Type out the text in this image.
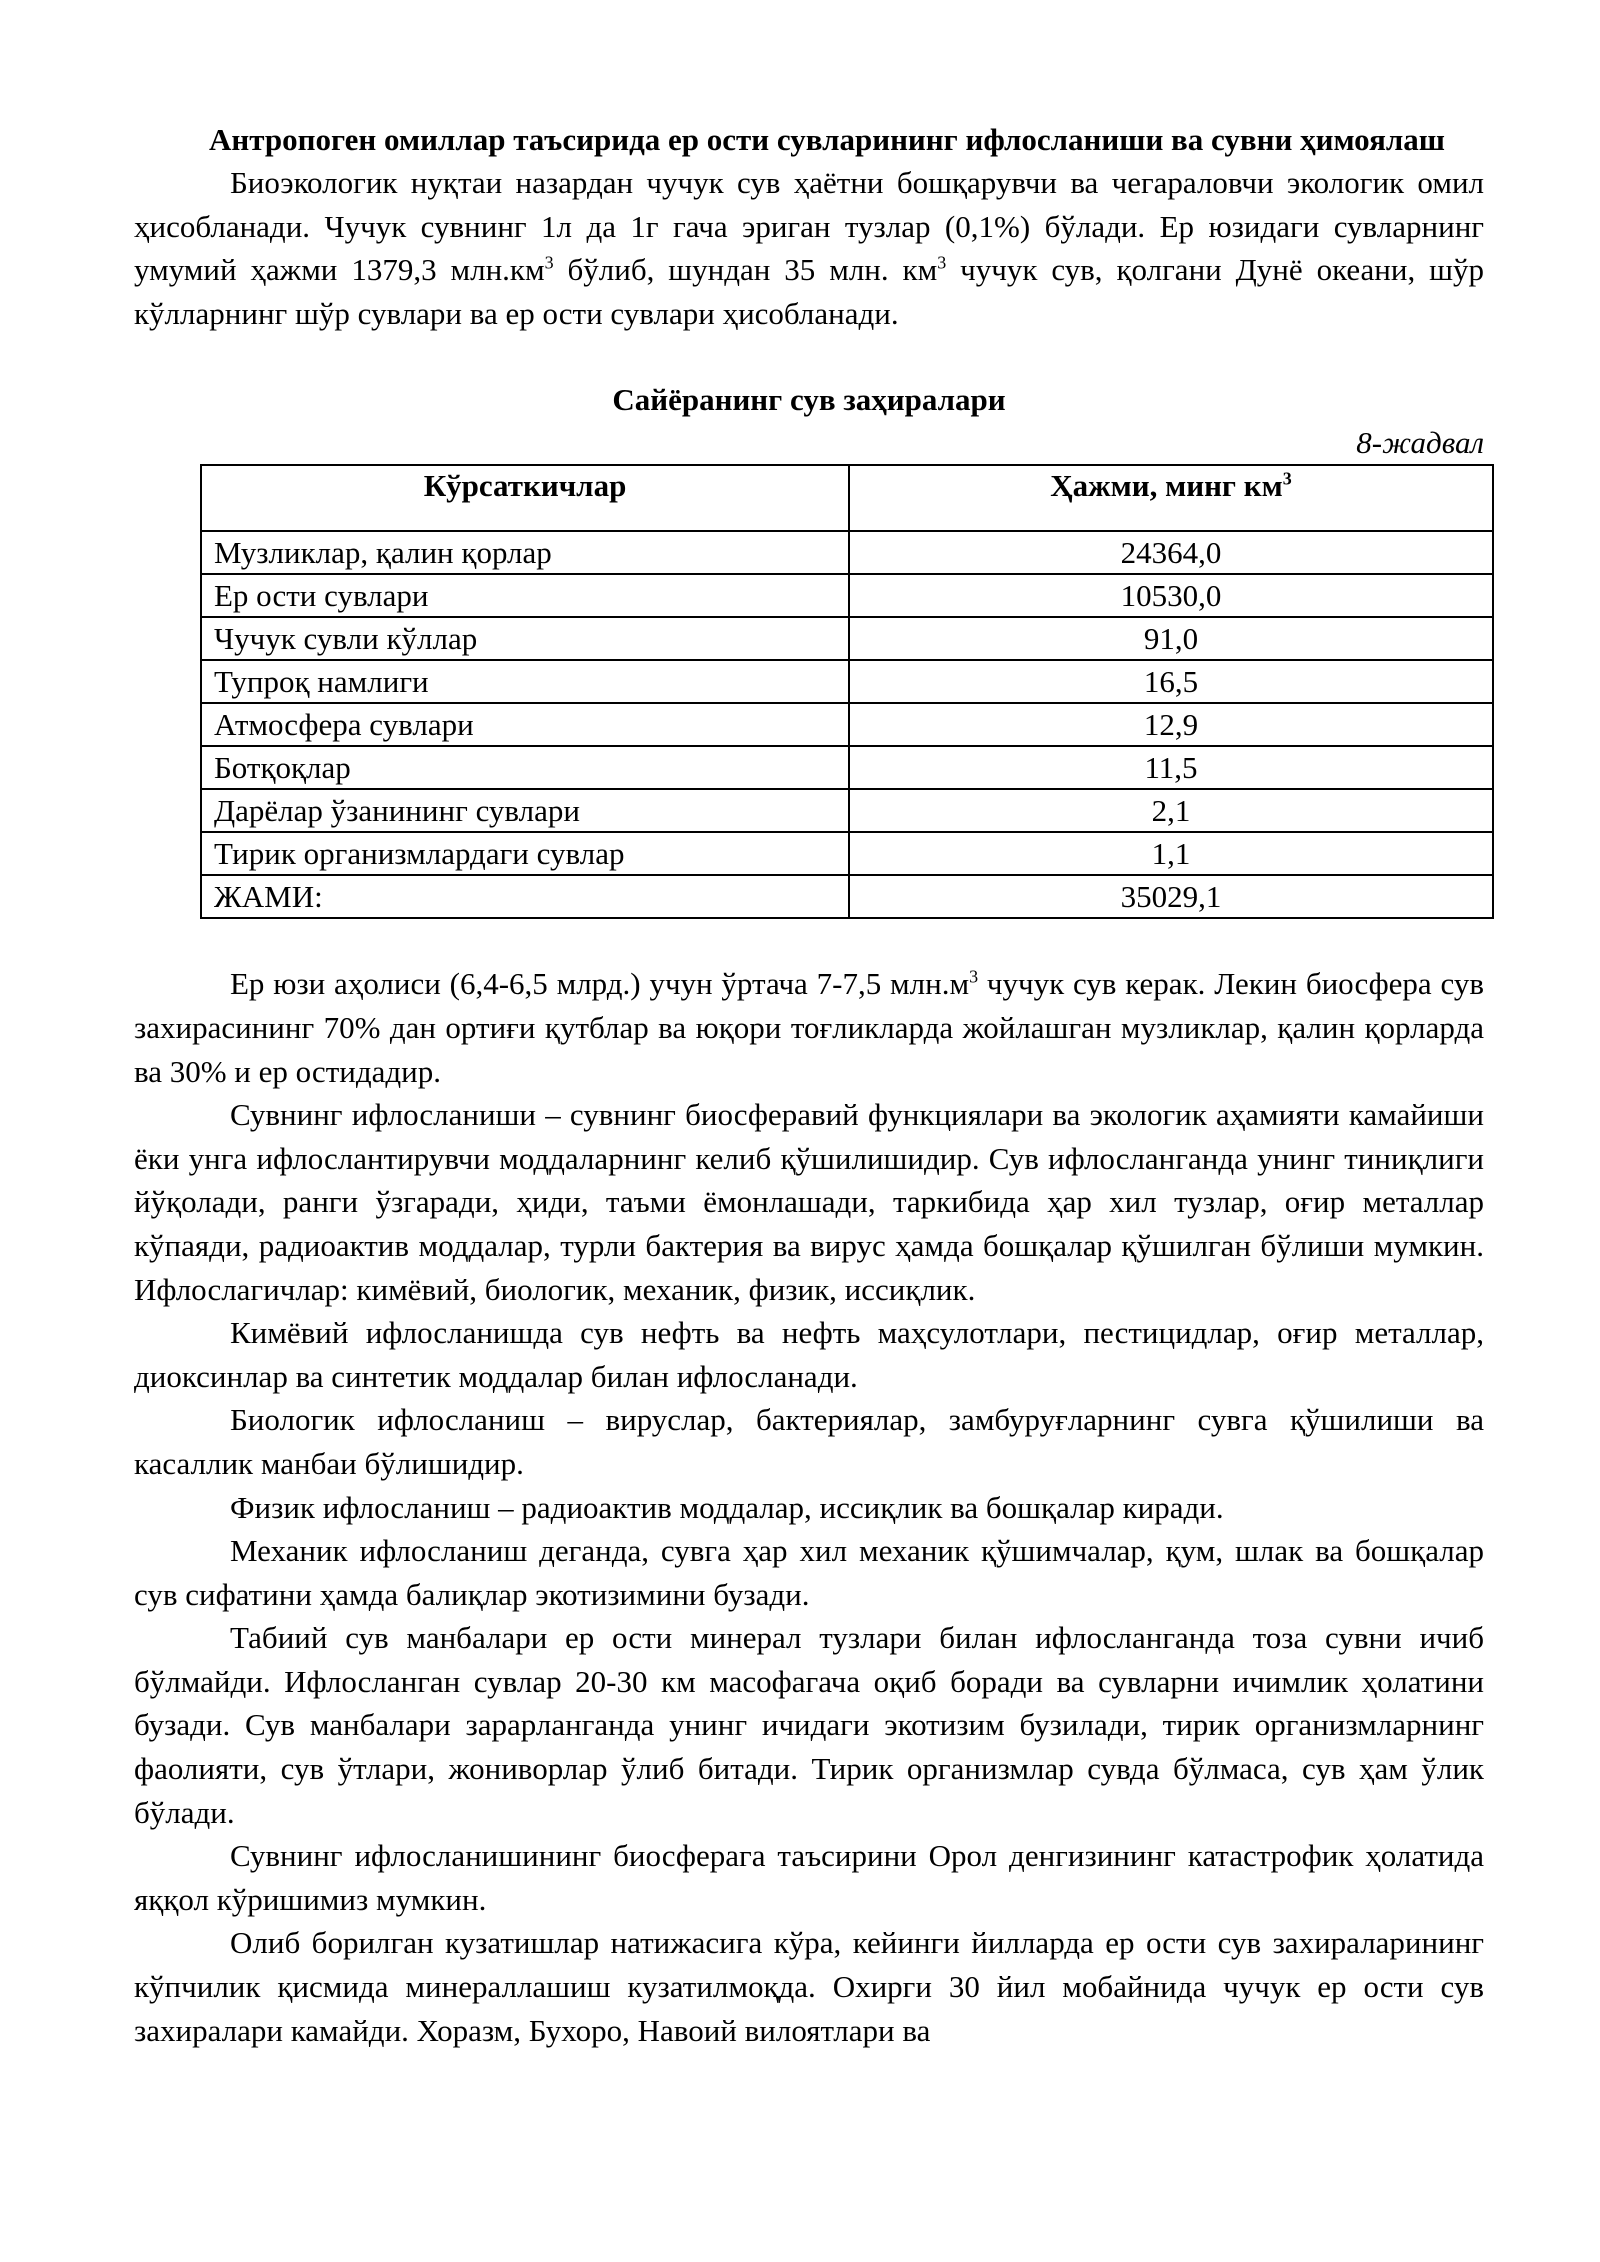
Антропоген омиллар таъсирида ер ости сувларининг ифлосланиши ва сувни ҳимоялаш

Биоэкологик нуқтаи назардан чучук сув ҳаётни бошқарувчи ва чегараловчи экологик омил ҳисобланади. Чучук сувнинг 1л да 1г гача эриган тузлар (0,1%) бўлади. Ер юзидаги сувларнинг умумий ҳажми 1379,3 $млн.км^3$ бўлиб, шундан 35 млн. $км^3$ чучук сув, қолгани Дунё океани, шўр кўлларнинг шўр сувлари ва ер ости сувлари ҳисобланади.

Сайёранинг сув заҳиралари
8-жадвал
Кўрсаткичлар	Ҳажми, минг $км^3$
Музликлар, қалин қорлар	24364,0
Ер ости сувлари	10530,0
Чучук сувли кўллар	91,0
Тупроқ намлиги	16,5
Атмосфера сувлари	12,9
Ботқоқлар	11,5
Дарёлар ўзанининг сувлари	2,1
Тирик организмлардаги сувлар	1,1
ЖАМИ:	35029,1

Ер юзи аҳолиси (6,4-6,5 млрд.) учун ўртача 7-7,5 $млн.м^3$ чучук сув керак. Лекин биосфера сув захирасининг 70% дан ортиғи қутблар ва юқори тоғликларда жойлашган музликлар, қалин қорларда ва 30% и ер остидадир.

Сувнинг ифлосланиши – сувнинг биосферавий функциялари ва экологик аҳамияти камайиши ёки унга ифлослантирувчи моддаларнинг келиб қўшилишидир. Сув ифлосланганда унинг тиниқлиги йўқолади, ранги ўзгаради, ҳиди, таъми ёмонлашади, таркибида ҳар хил тузлар, оғир металлар кўпаяди, радиоактив моддалар, турли бактерия ва вирус ҳамда бошқалар қўшилган бўлиши мумкин. Ифлослагичлар: кимёвий, биологик, механик, физик, иссиқлик.

Кимёвий ифлосланишда сув нефть ва нефть маҳсулотлари, пестицидлар, оғир металлар, диоксинлар ва синтетик моддалар билан ифлосланади.

Биологик ифлосланиш – вируслар, бактериялар, замбуруғларнинг сувга қўшилиши ва касаллик манбаи бўлишидир.

Физик ифлосланиш – радиоактив моддалар, иссиқлик ва бошқалар киради.

Механик ифлосланиш деганда, сувга ҳар хил механик қўшимчалар, қум, шлак ва бошқалар сув сифатини ҳамда балиқлар экотизимини бузади.

Табиий сув манбалари ер ости минерал тузлари билан ифлосланганда тоза сувни ичиб бўлмайди. Ифлосланган сувлар 20-30 км масофагача оқиб боради ва сувларни ичимлик ҳолатини бузади. Сув манбалари зарарланганда унинг ичидаги экотизим бузилади, тирик организмларнинг фаолияти, сув ўтлари, жониворлар ўлиб битади. Тирик организмлар сувда бўлмаса, сув ҳам ўлик бўлади.

Сувнинг ифлосланишининг биосферага таъсирини Орол денгизининг катастрофик ҳолатида яққол кўришимиз мумкин.

Олиб борилган кузатишлар натижасига кўра, кейинги йилларда ер ости сув захираларининг кўпчилик қисмида минераллашиш кузатилмоқда. Охирги 30 йил мобайнида чучук ер ости сув захиралари камайди. Хоразм, Бухоро, Навоий вилоятлари ва
